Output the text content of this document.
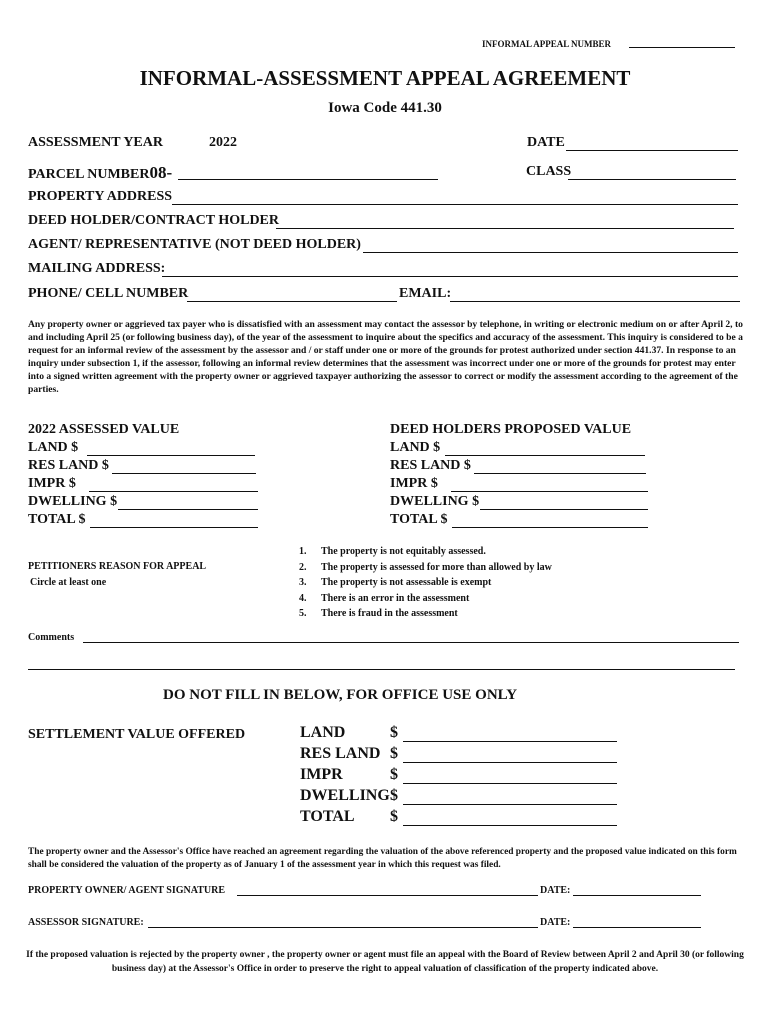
INFORMAL APPEAL NUMBER
INFORMAL-ASSESSMENT APPEAL AGREEMENT
Iowa Code 441.30
ASSESSMENT YEAR	2022	DATE
PARCEL NUMBER08-	CLASS
PROPERTY ADDRESS
DEED HOLDER/CONTRACT HOLDER
AGENT/ REPRESENTATIVE (NOT DEED HOLDER)
MAILING ADDRESS:
PHONE/ CELL NUMBER	EMAIL:
Any property owner or aggrieved tax payer who is dissatisfied with an assessment may contact the assessor by telephone, in writing or electronic medium on or after April 2, to and including April 25 (or following business day), of the year of the assessment to inquire about the specifics and accuracy of the assessment. This inquiry is considered to be a request for an informal review of the assessment by the assessor and / or staff under one or more of the grounds for protest authorized under section 441.37. In response to an inquiry under subsection 1, if the assessor, following an informal review determines that the assessment was incorrect under one or more of the grounds for protest may enter into a signed written agreement with the property owner or aggrieved taxpayer authorizing the assessor to correct or modify the assessment according to the agreement of the parties.
2022 ASSESSED VALUE
LAND $
RES LAND $
IMPR $
DWELLING $
TOTAL $
DEED HOLDERS PROPOSED VALUE
LAND $
RES LAND $
IMPR $
DWELLING $
TOTAL $
PETITIONERS REASON FOR APPEAL
Circle at least one
1. The property is not equitably assessed.
2. The property is assessed for more than allowed by law
3. The property is not assessable is exempt
4. There is an error in the assessment
5. There is fraud in the assessment
Comments
DO NOT FILL IN BELOW, FOR OFFICE USE ONLY
SETTLEMENT VALUE OFFERED	LAND	$
RES LAND $
IMPR	$
DWELLING $
TOTAL $
The property owner and the Assessor's Office have reached an agreement regarding the valuation of the above referenced property and the proposed value indicated on this form shall be considered the valuation of the property as of January 1 of the assessment year in which this request was filed.
PROPERTY OWNER/ AGENT SIGNATURE	DATE:
ASSESSOR SIGNATURE:	DATE:
If the proposed valuation is rejected by the property owner , the property owner or agent must file an appeal with the Board of Review between April 2 and April 30 (or following business day) at the Assessor's Office in order to preserve the right to appeal valuation of classification of the property indicated above.
